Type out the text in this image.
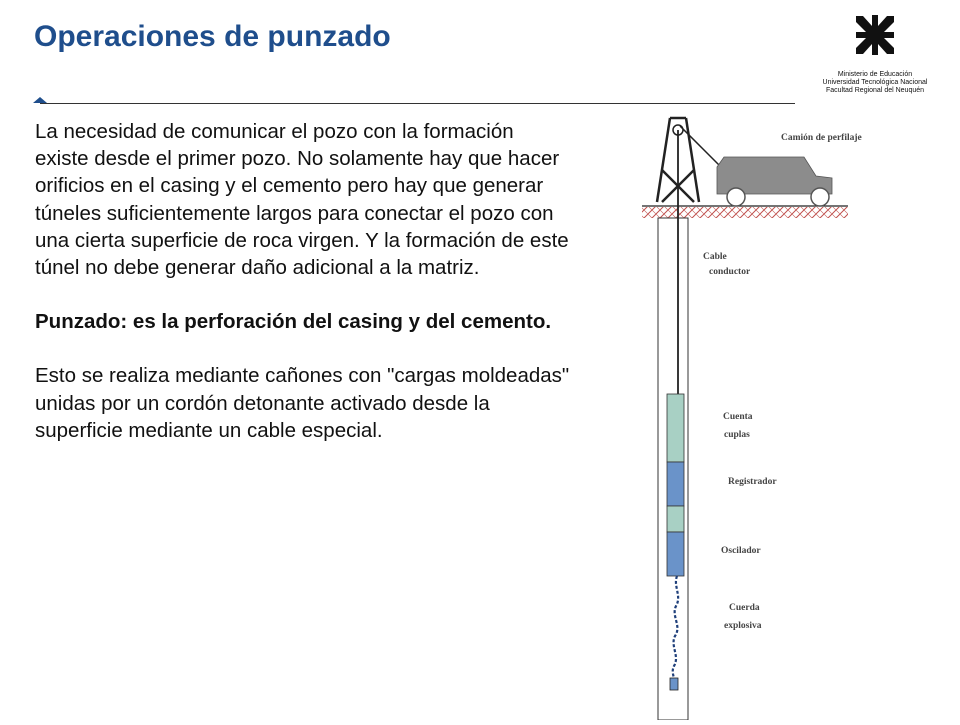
Operaciones de punzado
Ministerio de Educación
Universidad Tecnológica Nacional
Facultad Regional del Neuquén

La necesidad de comunicar el pozo con la formación existe desde el primer pozo. No solamente hay que hacer orificios en el casing y el cemento pero hay que generar túneles suficientemente largos para conectar el pozo con una cierta superficie de roca virgen. Y la formación de este túnel no debe generar daño adicional a la matriz.

Punzado: es la perforación del casing y del cemento.

Esto se realiza mediante cañones con "cargas moldeadas" unidas por un cordón detonante activado desde la superficie mediante un cable especial.

Camión de perfilaje
Cable
conductor
Cuenta
cuplas
Registrador
Oscilador
Cuerda
explosiva
